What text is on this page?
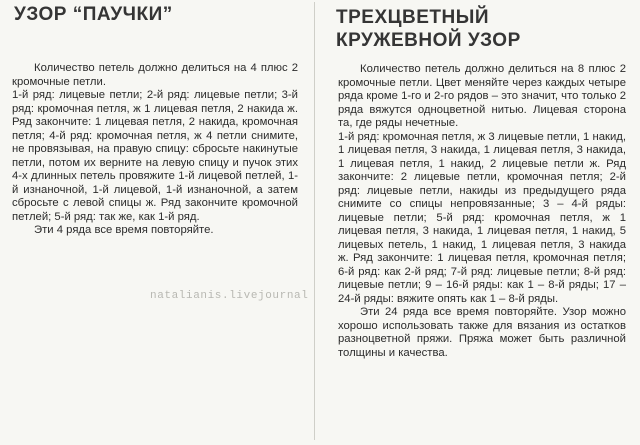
УЗОР “ПАУЧКИ”

Количество петель должно делиться на 4 плюс 2 кромочные петли.

1-й ряд: лицевые петли; 2-й ряд: лицевые петли; 3-й ряд: кромочная петля, ж 1 лицевая петля, 2 накида ж. Ряд закончите: 1 лицевая петля, 2 накида, кромочная петля; 4-й ряд: кромочная петля, ж 4 петли снимите, не провязывая, на правую спицу: сбросьте накинутые петли, потом их верните на левую спицу и пучок этих 4-х длинных петель провяжите 1-й лицевой петлей, 1-й изнаночной, 1-й лицевой, 1-й изнаночной, а затем сбросьте с левой спицы ж. Ряд закончите кромочной петлей; 5-й ряд: так же, как 1-й ряд.

Эти 4 ряда все время повторяйте.

ТРЕХЦВЕТНЫЙ
КРУЖЕВНОЙ УЗОР

Количество петель должно делиться на 8 плюс 2 кромочные петли. Цвет меняйте через каждых четыре ряда кроме 1-го и 2-го рядов – это значит, что только 2 ряда вяжутся однoцветной нитью. Лицевая сторона та, где ряды нечетные.

1-й ряд: кромочная петля, ж 3 лицевые петли, 1 накид, 1 лицевая петля, 3 накида, 1 лицевая петля, 3 накида, 1 лицевая петля, 1 накид, 2 лицевые петли ж. Ряд закончите: 2 лицевые петли, кромочная петля; 2-й ряд: лицевые петли, накиды из предыдущего ряда снимите со спицы непровязанные; 3 – 4-й ряды: лицевые петли; 5-й ряд: кромочная петля, ж 1 лицевая петля, 3 накида, 1 лицевая петля, 1 накид, 5 лицевых петель, 1 накид, 1 лицевая петля, 3 накида ж. Ряд закончите: 1 лицевая петля, кромочная петля; 6-й ряд: как 2-й ряд; 7-й ряд: лицевые петли; 8-й ряд: лицевые петли; 9 – 16-й ряды: как 1 – 8-й ряды; 17 – 24-й ряды: вяжите опять как 1 – 8-й ряды.

Эти 24 ряда все время повторяйте. Узор можно хорошо использовать также для вязания из остатков разноцветной пряжи. Пряжа может быть различной толщины и качества.

natalianis.livejournal
